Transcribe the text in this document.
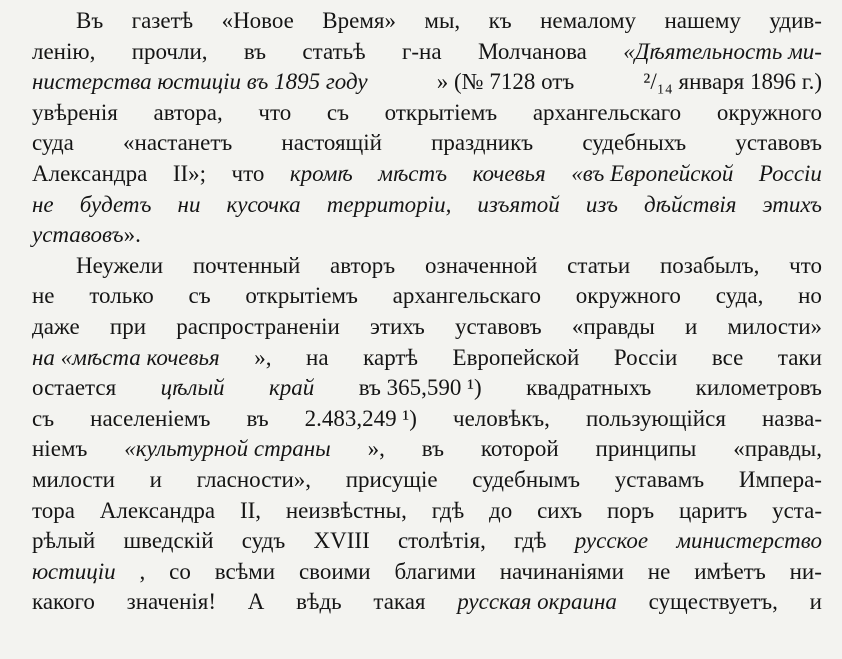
Въ газетѣ «Новое Время» мы, къ немалому нашему удив-
ленію, прочли, въ статьѣ г-на Молчанова «Дѣятельность ми-
нистерства юстиціи въ 1895 году	» (№ 7128 отъ	²/₁₄ января 1896 г.)
увѣренія автора, что съ открытіемъ архангельскаго окружного
суда «настанетъ настоящій праздникъ судебныхъ уставовъ
Александра II»; что кромѣ мѣстъ кочевья «въ Европейской Россіи
не будетъ ни кусочка территоріи, изъятой изъ дѣйствія этихъ
уставовъ ».
Неужели почтенный авторъ означенной статьи позабылъ, что
не только съ открытіемъ архангельскаго окружного суда, но
даже при распространеніи этихъ уставовъ «правды и милости»
на «мѣста кочевья », на картѣ Европейской Россіи все таки
остается цѣлый край въ 365,590 ¹) квадратныхъ километровъ
съ населеніемъ въ 2.483,249 ¹) человѣкъ, пользующійся назва-
ніемъ «культурной страны », въ которой принципы «правды,
милости и гласности», присущіе судебнымъ уставамъ Импера-
тора Александра II, неизвѣстны, гдѣ до сихъ поръ царитъ уста-
рѣлый шведскій судъ XVIII столѣтія, гдѣ русское министерство
юстиціи , со всѣми своими благими начинаніями не имѣетъ ни-
какого значенія! А вѣдь такая русская окраина существуетъ, и
